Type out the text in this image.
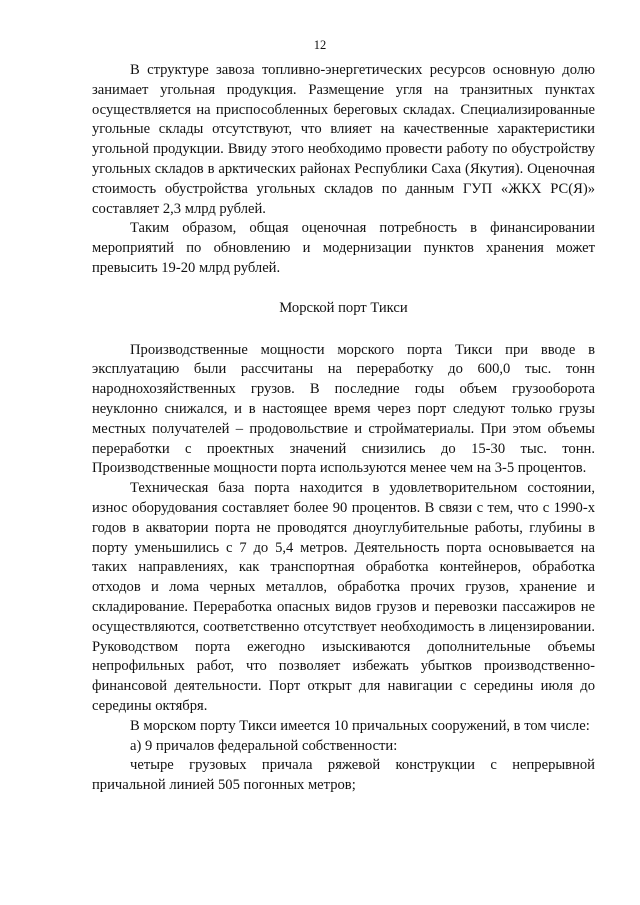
12

В структуре завоза топливно-энергетических ресурсов основную долю занимает угольная продукция. Размещение угля на транзитных пунктах осуществляется на приспособленных береговых складах. Специализированные угольные склады отсутствуют, что влияет на качественные характеристики угольной продукции. Ввиду этого необходимо провести работу по обустройству угольных складов в арктических районах Республики Саха (Якутия). Оценочная стоимость обустройства угольных складов по данным ГУП «ЖКХ РС(Я)» составляет 2,3 млрд рублей.

Таким образом, общая оценочная потребность в финансировании мероприятий по обновлению и модернизации пунктов хранения может превысить 19-20 млрд рублей.

Морской порт Тикси

Производственные мощности морского порта Тикси при вводе в эксплуатацию были рассчитаны на переработку до 600,0 тыс. тонн народнохозяйственных грузов. В последние годы объем грузооборота неуклонно снижался, и в настоящее время через порт следуют только грузы местных получателей – продовольствие и стройматериалы. При этом объемы переработки с проектных значений снизились до 15-30 тыс. тонн. Производственные мощности порта используются менее чем на 3-5 процентов.

Техническая база порта находится в удовлетворительном состоянии, износ оборудования составляет более 90 процентов. В связи с тем, что с 1990-х годов в акватории порта не проводятся дноуглубительные работы, глубины в порту уменьшились с 7 до 5,4 метров. Деятельность порта основывается на таких направлениях, как транспортная обработка контейнеров, обработка отходов и лома черных металлов, обработка прочих грузов, хранение и складирование. Переработка опасных видов грузов и перевозки пассажиров не осуществляются, соответственно отсутствует необходимость в лицензировании. Руководством порта ежегодно изыскиваются дополнительные объемы непрофильных работ, что позволяет избежать убытков производственно-финансовой деятельности. Порт открыт для навигации с середины июля до середины октября.

В морском порту Тикси имеется 10 причальных сооружений, в том числе:

а) 9 причалов федеральной собственности:

четыре грузовых причала ряжевой конструкции с непрерывной причальной линией 505 погонных метров;
